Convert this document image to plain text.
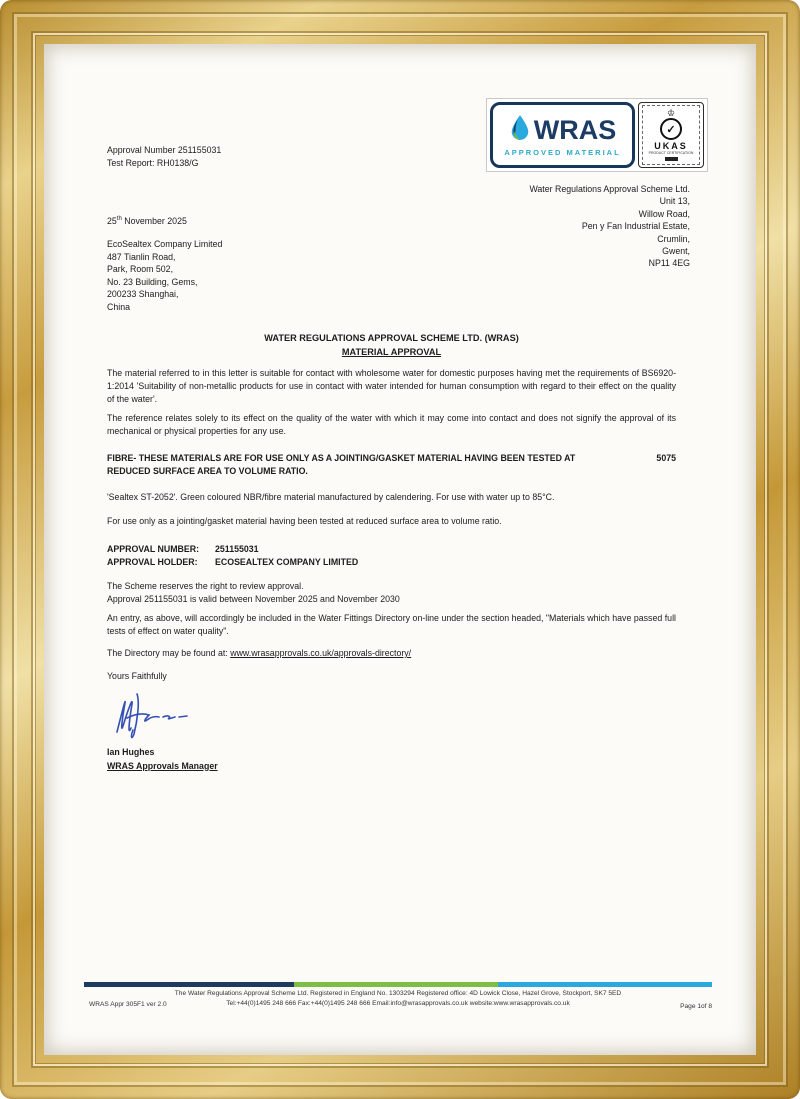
Approval Number 251155031
Test Report: RH0138/G
WRAS
APPROVED MATERIAL
♔
✓
UKAS
PRODUCT CERTIFICATION
Water Regulations Approval Scheme Ltd.
Unit 13,
Willow Road,
Pen y Fan Industrial Estate,
Crumlin,
Gwent,
NP11 4EG
25th November 2025
EcoSealtex Company Limited
487 Tianlin Road,
Park, Room 502,
No. 23 Building, Gems,
200233 Shanghai,
China
WATER REGULATIONS APPROVAL SCHEME LTD. (WRAS)
MATERIAL APPROVAL

The material referred to in this letter is suitable for contact with wholesome water for domestic purposes having met the requirements of BS6920-1:2014 'Suitability of non-metallic products for use in contact with water intended for human consumption with regard to their effect on the quality of the water'.

The reference relates solely to its effect on the quality of the water with which it may come into contact and does not signify the approval of its mechanical or physical properties for any use.

FIBRE- THESE MATERIALS ARE FOR USE ONLY AS A JOINTING/GASKET MATERIAL HAVING BEEN TESTED AT	5075
REDUCED SURFACE AREA TO VOLUME RATIO.
'Sealtex ST-2052'. Green coloured NBR/fibre material manufactured by calendering. For use with water up to 85°C.
For use only as a jointing/gasket material having been tested at reduced surface area to volume ratio.
APPROVAL NUMBER:	251155031
APPROVAL HOLDER:	ECOSEALTEX COMPANY LIMITED
The Scheme reserves the right to review approval.
Approval 251155031 is valid between November 2025 and November 2030

An entry, as above, will accordingly be included in the Water Fittings Directory on-line under the section headed, "Materials which have passed full tests of effect on water quality".

The Directory may be found at: www.wrasapprovals.co.uk/approvals-directory/
Yours Faithfully
Ian Hughes
WRAS Approvals Manager
The Water Regulations Approval Scheme Ltd. Registered in England No. 1303294 Registered office: 4D Lowick Close, Hazel Grove, Stockport, SK7 5ED
Tel:+44(0)1495 248 666 Fax:+44(0)1495 248 666 Email:info@wrasapprovals.co.uk website:www.wrasapprovals.co.uk
WRAS Appr 305F1 ver 2.0	Page 1of 8
